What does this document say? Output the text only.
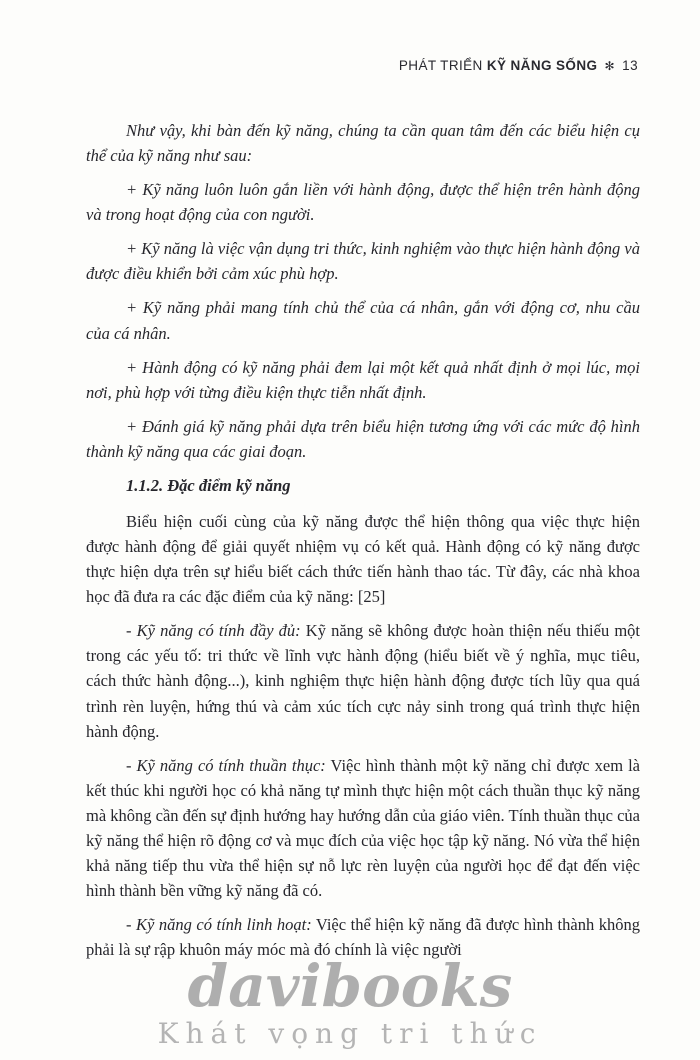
PHÁT TRIỂN KỸ NĂNG SỐNG ✻ 13

Như vậy, khi bàn đến kỹ năng, chúng ta cần quan tâm đến các biểu hiện cụ thể của kỹ năng như sau:

+ Kỹ năng luôn luôn gắn liền với hành động, được thể hiện trên hành động và trong hoạt động của con người.

+ Kỹ năng là việc vận dụng tri thức, kinh nghiệm vào thực hiện hành động và được điều khiển bởi cảm xúc phù hợp.

+ Kỹ năng phải mang tính chủ thể của cá nhân, gắn với động cơ, nhu cầu của cá nhân.

+ Hành động có kỹ năng phải đem lại một kết quả nhất định ở mọi lúc, mọi nơi, phù hợp với từng điều kiện thực tiễn nhất định.

+ Đánh giá kỹ năng phải dựa trên biểu hiện tương ứng với các mức độ hình thành kỹ năng qua các giai đoạn.

1.1.2. Đặc điểm kỹ năng

Biểu hiện cuối cùng của kỹ năng được thể hiện thông qua việc thực hiện được hành động để giải quyết nhiệm vụ có kết quả. Hành động có kỹ năng được thực hiện dựa trên sự hiểu biết cách thức tiến hành thao tác. Từ đây, các nhà khoa học đã đưa ra các đặc điểm của kỹ năng: [25]

- Kỹ năng có tính đầy đủ: Kỹ năng sẽ không được hoàn thiện nếu thiếu một trong các yếu tố: tri thức về lĩnh vực hành động (hiểu biết về ý nghĩa, mục tiêu, cách thức hành động...), kinh nghiệm thực hiện hành động được tích lũy qua quá trình rèn luyện, hứng thú và cảm xúc tích cực nảy sinh trong quá trình thực hiện hành động.

- Kỹ năng có tính thuần thục: Việc hình thành một kỹ năng chỉ được xem là kết thúc khi người học có khả năng tự mình thực hiện một cách thuần thục kỹ năng mà không cần đến sự định hướng hay hướng dẫn của giáo viên. Tính thuần thục của kỹ năng thể hiện rõ động cơ và mục đích của việc học tập kỹ năng. Nó vừa thể hiện khả năng tiếp thu vừa thể hiện sự nỗ lực rèn luyện của người học để đạt đến việc hình thành bền vững kỹ năng đã có.

- Kỹ năng có tính linh hoạt: Việc thể hiện kỹ năng đã được hình thành không phải là sự rập khuôn máy móc mà đó chính là việc người

davibooks
Khát vọng tri thức
